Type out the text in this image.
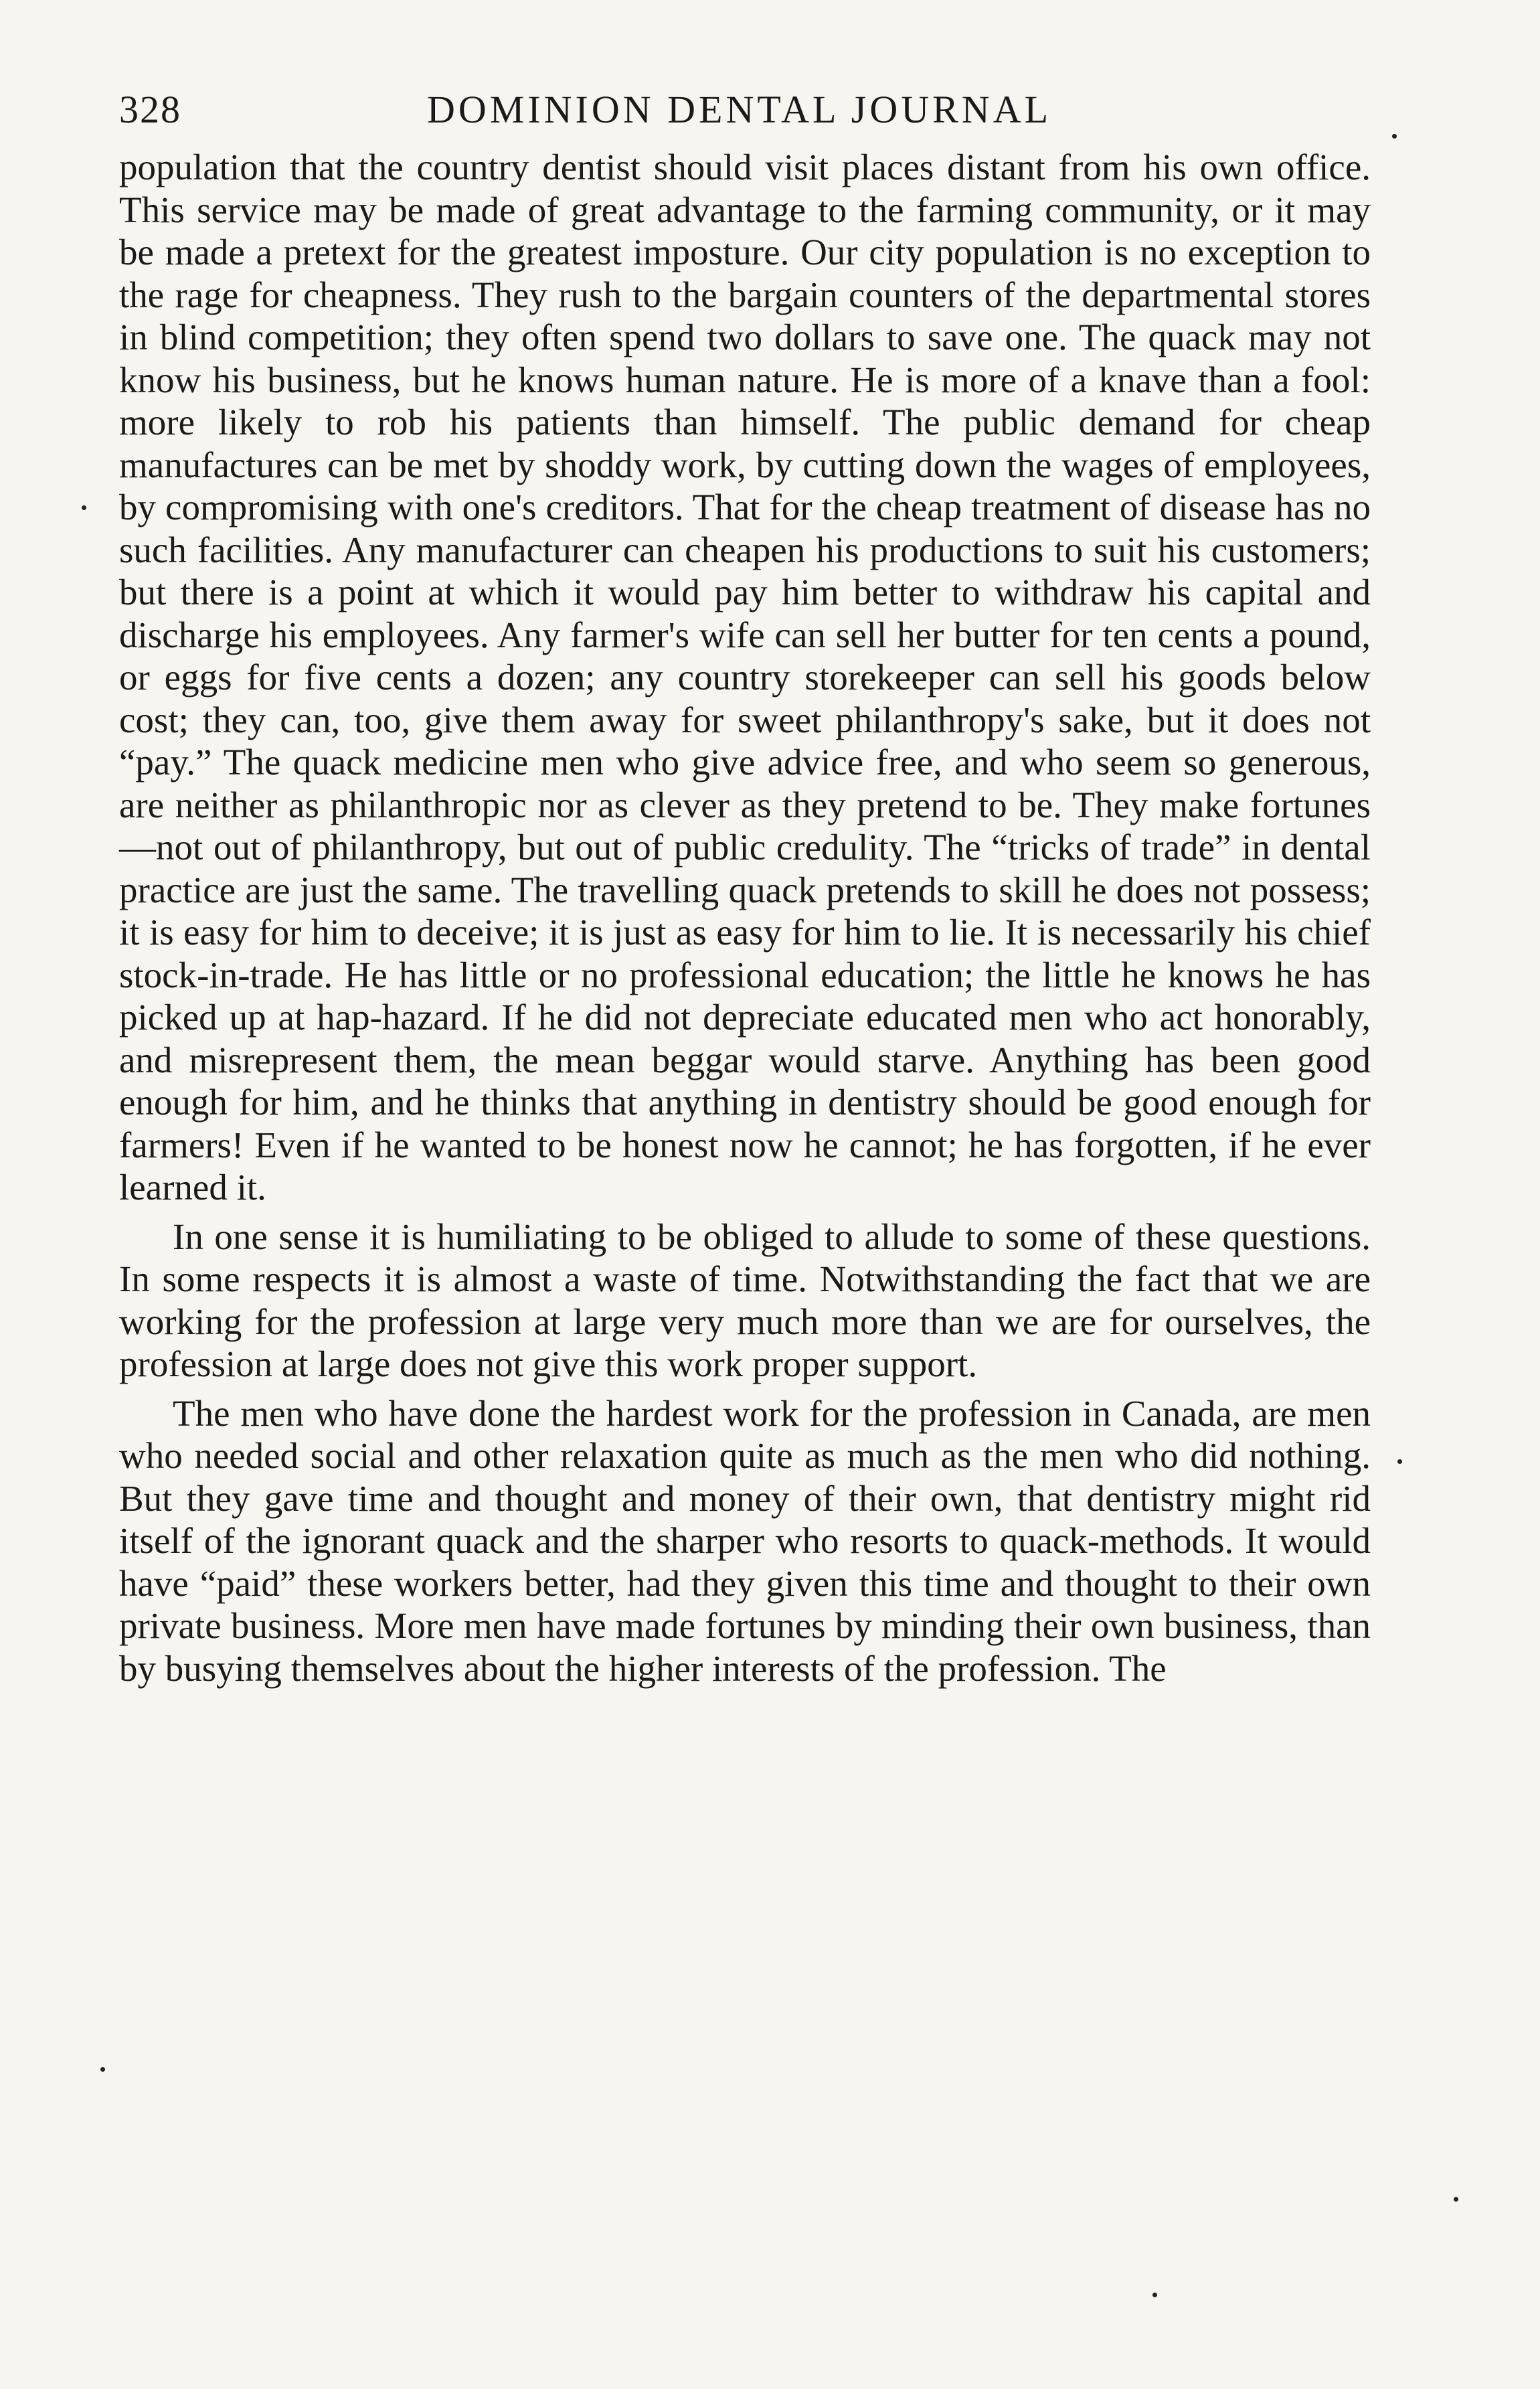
328	DOMINION DENTAL JOURNAL

population that the country dentist should visit places distant from his own office. This service may be made of great advantage to the farming community, or it may be made a pretext for the greatest imposture. Our city population is no exception to the rage for cheapness. They rush to the bargain counters of the departmental stores in blind competition; they often spend two dollars to save one. The quack may not know his business, but he knows human nature. He is more of a knave than a fool: more likely to rob his patients than himself. The public demand for cheap manufactures can be met by shoddy work, by cutting down the wages of employees, by compromising with one's creditors. That for the cheap treatment of disease has no such facilities. Any manufacturer can cheapen his productions to suit his customers; but there is a point at which it would pay him better to withdraw his capital and discharge his employees. Any farmer's wife can sell her butter for ten cents a pound, or eggs for five cents a dozen; any country storekeeper can sell his goods below cost; they can, too, give them away for sweet philanthropy's sake, but it does not “pay.” The quack medicine men who give advice free, and who seem so generous, are neither as philanthropic nor as clever as they pretend to be. They make fortunes—not out of philanthropy, but out of public credulity. The “tricks of trade” in dental practice are just the same. The travelling quack pretends to skill he does not possess; it is easy for him to deceive; it is just as easy for him to lie. It is necessarily his chief stock-in-trade. He has little or no professional education; the little he knows he has picked up at hap-hazard. If he did not depreciate educated men who act honorably, and misrepresent them, the mean beggar would starve. Anything has been good enough for him, and he thinks that anything in dentistry should be good enough for farmers! Even if he wanted to be honest now he cannot; he has forgotten, if he ever learned it.

In one sense it is humiliating to be obliged to allude to some of these questions. In some respects it is almost a waste of time. Notwithstanding the fact that we are working for the profession at large very much more than we are for ourselves, the profession at large does not give this work proper support.

The men who have done the hardest work for the profession in Canada, are men who needed social and other relaxation quite as much as the men who did nothing. But they gave time and thought and money of their own, that dentistry might rid itself of the ignorant quack and the sharper who resorts to quack-methods. It would have “paid” these workers better, had they given this time and thought to their own private business. More men have made fortunes by minding their own business, than by busying themselves about the higher interests of the profession. The
